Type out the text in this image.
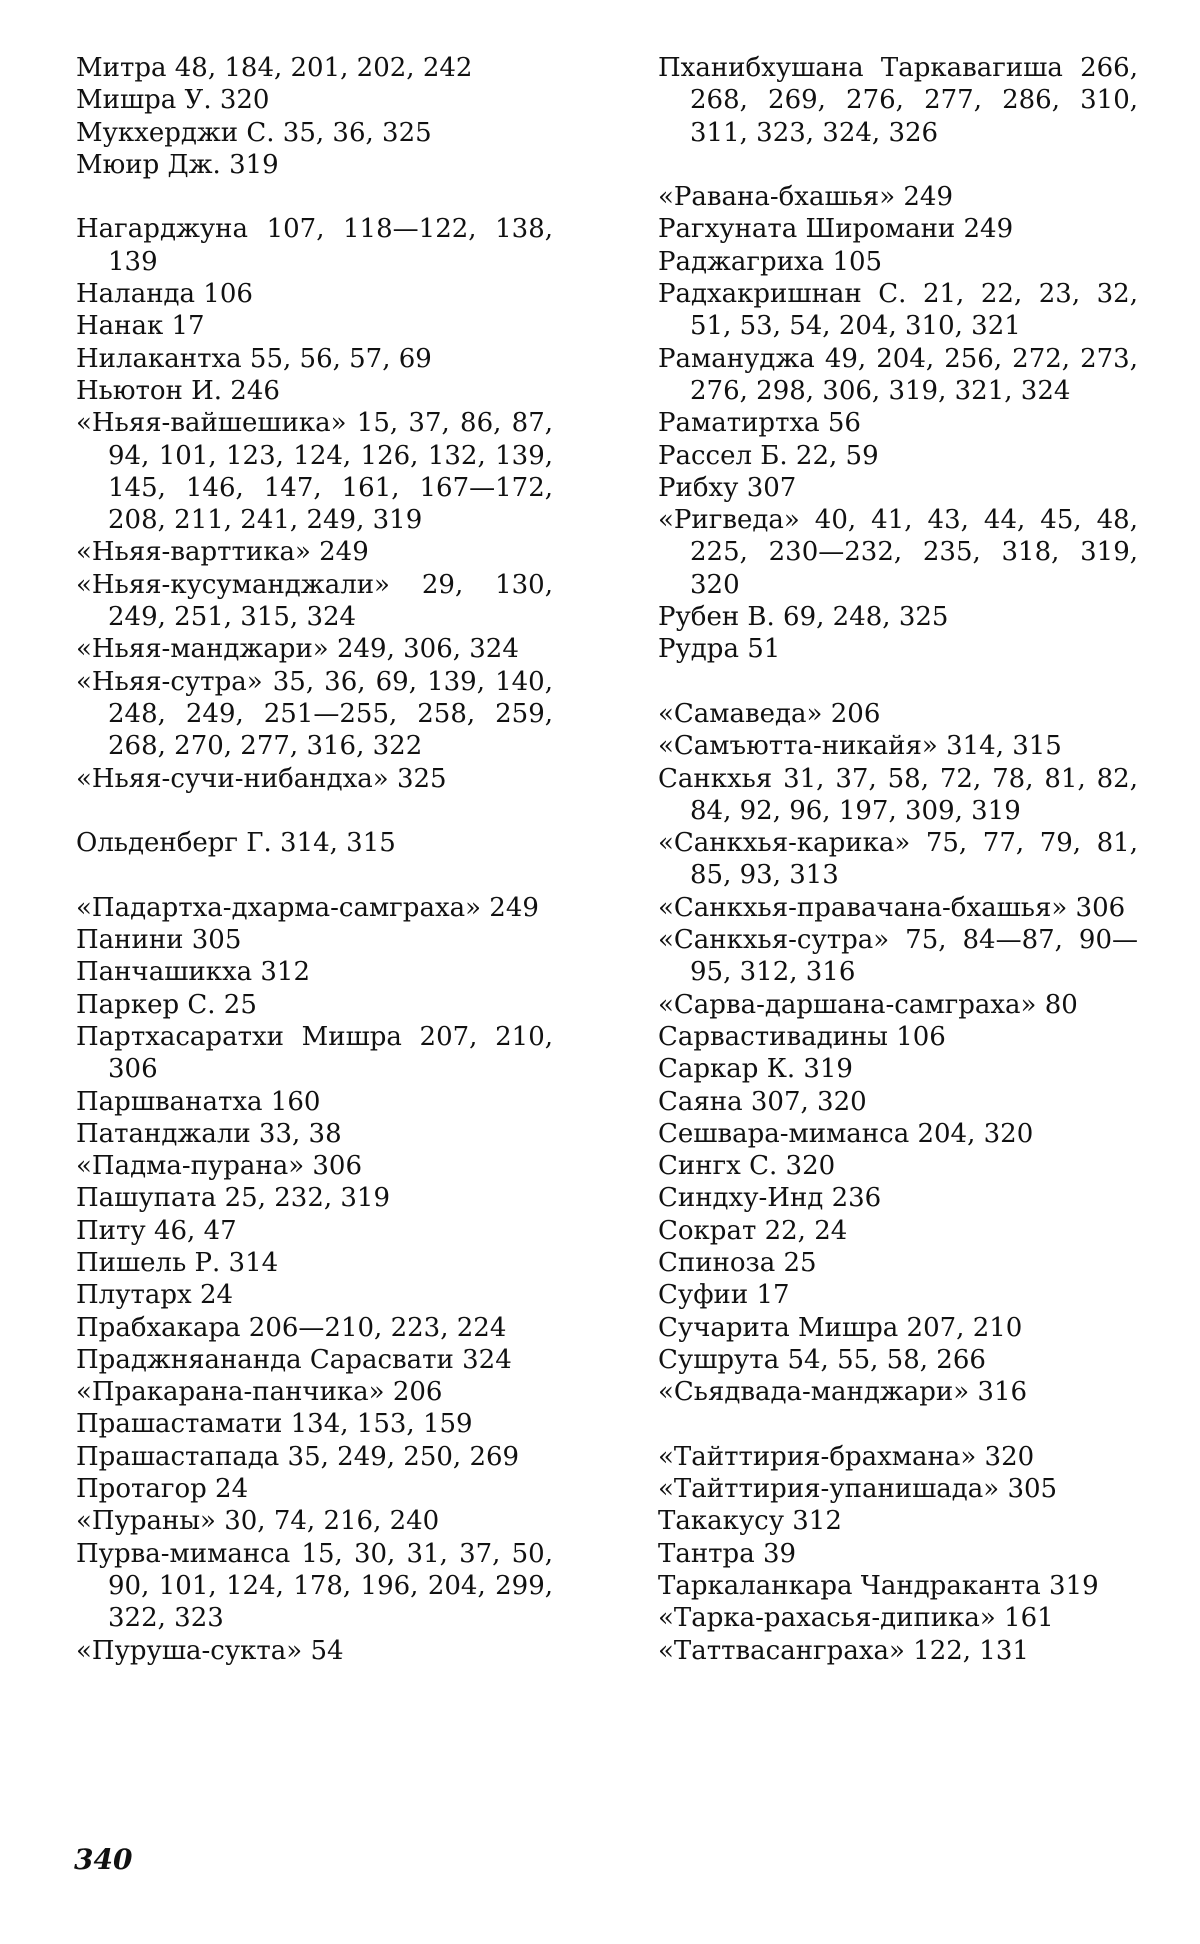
Митра 48, 184, 201, 202, 242

Мишра У. 320

Мукхерджи С. 35, 36, 325

Мюир Дж. 319

Нагарджуна 107, 118—122, 138, 139

Наланда 106

Нанак 17

Нилакантха 55, 56, 57, 69

Ньютон И. 246

«Ньяя-вайшешика» 15, 37, 86, 87, 94, 101, 123, 124, 126, 132, 139, 145, 146, 147, 161, 167—172, 208, 211, 241, 249, 319

«Ньяя-варттика» 249

«Ньяя-кусуманджали» 29, 130, 249, 251, 315, 324

«Ньяя-манджари» 249, 306, 324

«Ньяя-сутра» 35, 36, 69, 139, 140, 248, 249, 251—255, 258, 259, 268, 270, 277, 316, 322

«Ньяя-сучи-нибандха» 325

Ольденберг Г. 314, 315

«Падартха-дхарма-самграха» 249

Панини 305

Панчашикха 312

Паркер С. 25

Партхасаратхи Мишра 207, 210, 306

Паршванатха 160

Патанджали 33, 38

«Падма-пурана» 306

Пашупата 25, 232, 319

Питу 46, 47

Пишель Р. 314

Плутарх 24

Прабхакара 206—210, 223, 224

Праджняананда Сарасвати 324

«Пракарана-панчика» 206

Прашастамати 134, 153, 159

Прашастапада 35, 249, 250, 269

Протагор 24

«Пураны» 30, 74, 216, 240

Пурва-миманса 15, 30, 31, 37, 50, 90, 101, 124, 178, 196, 204, 299, 322, 323

«Пуруша-сукта» 54

Пханибхушана Таркавагиша 266, 268, 269, 276, 277, 286, 310, 311, 323, 324, 326

«Равана-бхашья» 249

Рагхуната Широмани 249

Раджагриха 105

Радхакришнан С. 21, 22, 23, 32, 51, 53, 54, 204, 310, 321

Рамануджа 49, 204, 256, 272, 273, 276, 298, 306, 319, 321, 324

Раматиртха 56

Рассел Б. 22, 59

Рибху 307

«Ригведа» 40, 41, 43, 44, 45, 48, 225, 230—232, 235, 318, 319, 320

Рубен В. 69, 248, 325

Рудра 51

«Самаведа» 206

«Самъютта-никайя» 314, 315

Санкхья 31, 37, 58, 72, 78, 81, 82, 84, 92, 96, 197, 309, 319

«Санкхья-карика» 75, 77, 79, 81, 85, 93, 313

«Санкхья-правачана-бхашья» 306

«Санкхья-сутра» 75, 84—87, 90—95, 312, 316

«Сарва-даршана-самграха» 80

Сарвастивадины 106

Саркар К. 319

Саяна 307, 320

Сешвара-миманса 204, 320

Сингх С. 320

Синдху-Инд 236

Сократ 22, 24

Спиноза 25

Суфии 17

Сучарита Мишра 207, 210

Сушрута 54, 55, 58, 266

«Сьядвада-манджари» 316

«Тайттирия-брахмана» 320

«Тайттирия-упанишада» 305

Такакусу 312

Тантра 39

Таркаланкара Чандраканта 319

«Тарка-рахасья-дипика» 161

«Таттвасанграха» 122, 131

340
